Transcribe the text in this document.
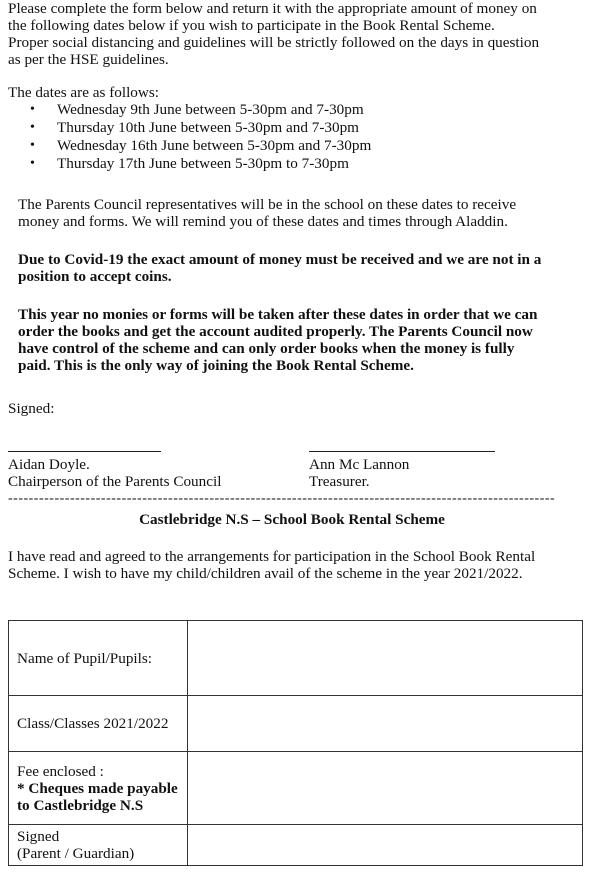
Please complete the form below and return it with the appropriate amount of money on
the following dates below if you wish to participate in the Book Rental Scheme.
Proper social distancing and guidelines will be strictly followed on the days in question
as per the HSE guidelines.
The dates are as follows:
• Wednesday 9th June between 5-30pm and 7-30pm
• Thursday 10th June between 5-30pm and 7-30pm
• Wednesday 16th June between 5-30pm and 7-30pm
• Thursday 17th June between 5-30pm to 7-30pm
The Parents Council representatives will be in the school on these dates to receive
money and forms. We will remind you of these dates and times through Aladdin.
Due to Covid-19 the exact amount of money must be received and we are not in a
position to accept coins.
This year no monies or forms will be taken after these dates in order that we can
order the books and get the account audited properly. The Parents Council now
have control of the scheme and can only order books when the money is fully
paid. This is the only way of joining the Book Rental Scheme.
Signed:
Aidan Doyle.
Chairperson of the Parents Council
Ann Mc Lannon
Treasurer.
----------------------------------------------------------------------------------------------------------
Castlebridge N.S – School Book Rental Scheme
I have read and agreed to the arrangements for participation in the School Book Rental
Scheme. I wish to have my child/children avail of the scheme in the year 2021/2022.
Name of Pupil/Pupils:	
Class/Classes 2021/2022	

Fee enclosed :
* Cheques made payable
to Castlebridge N.S	

Signed
(Parent / Guardian)	
